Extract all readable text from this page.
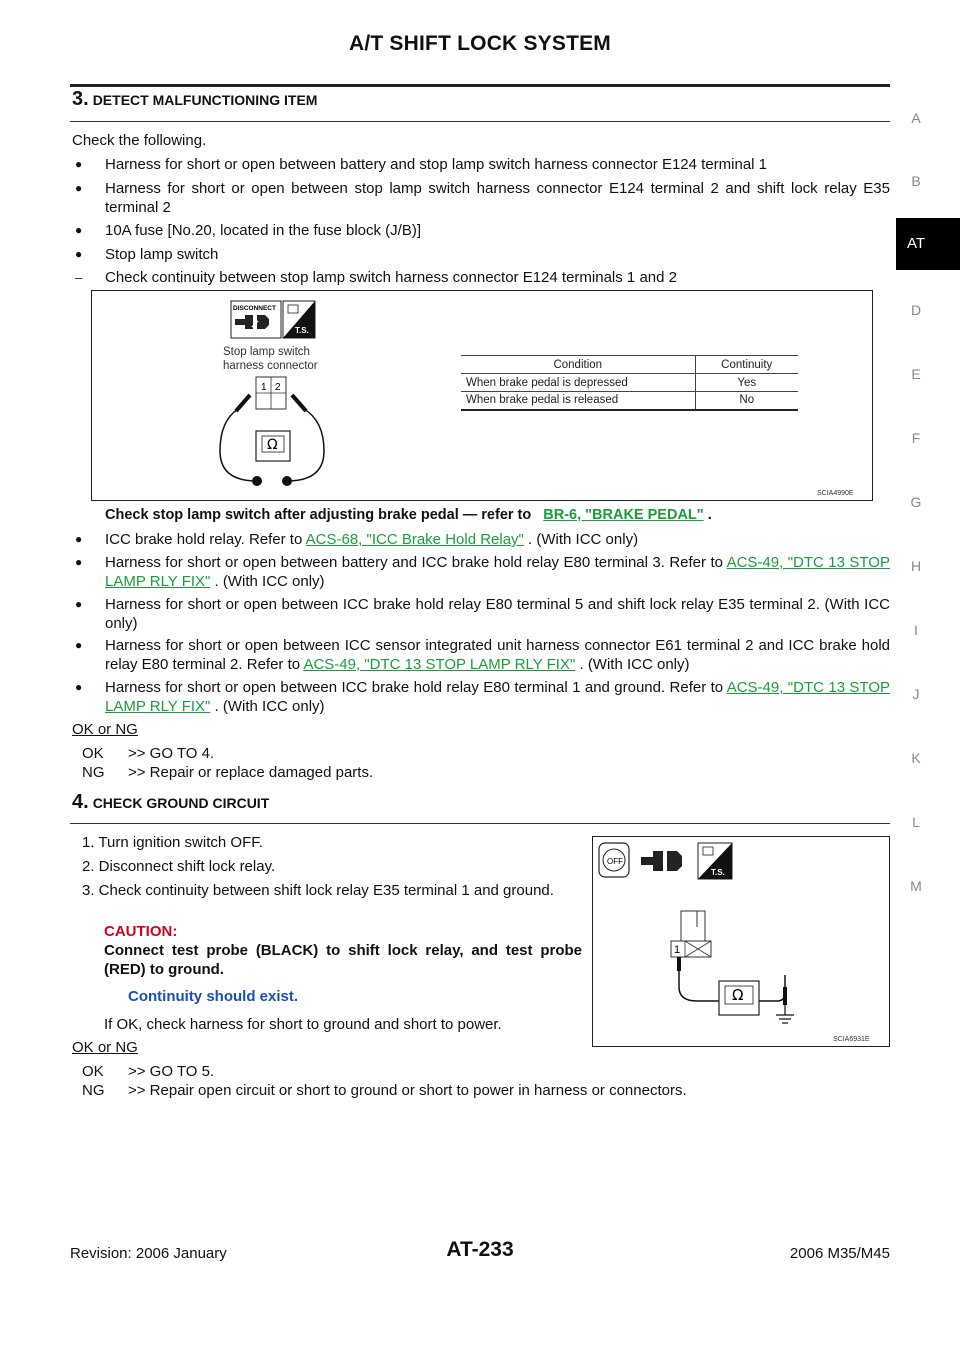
A/T SHIFT LOCK SYSTEM
A
B
AT
D
E
F
G
H
I
J
K
L
M
3. DETECT MALFUNCTIONING ITEM
Check the following.
●	Harness for short or open between battery and stop lamp switch harness connector E124 terminal 1
●	Harness for short or open between stop lamp switch harness connector E124 terminal 2 and shift lock relay E35 terminal 2
●	10A fuse [No.20, located in the fuse block (J/B)]
●	Stop lamp switch
–	Check continuity between stop lamp switch harness connector E124 terminals 1 and 2
DISCONNECT
T.S.
Stop lamp switch
harness connector
1 2
Ω
SCIA4990E
Condition	Continuity
When brake pedal is depressed	Yes
When brake pedal is released	No
Check stop lamp switch after adjusting brake pedal — refer to BR-6, "BRAKE PEDAL" .
●	ICC brake hold relay. Refer to ACS-68, "ICC Brake Hold Relay" . (With ICC only)
●	Harness for short or open between battery and ICC brake hold relay E80 terminal 3. Refer to ACS-49, "DTC 13 STOP LAMP RLY FIX" . (With ICC only)
●	Harness for short or open between ICC brake hold relay E80 terminal 5 and shift lock relay E35 terminal 2. (With ICC only)
●	Harness for short or open between ICC sensor integrated unit harness connector E61 terminal 2 and ICC brake hold relay E80 terminal 2. Refer to ACS-49, "DTC 13 STOP LAMP RLY FIX" . (With ICC only)
●	Harness for short or open between ICC brake hold relay E80 terminal 1 and ground. Refer to ACS-49, "DTC 13 STOP LAMP RLY FIX" . (With ICC only)
OK or NG
OK >> GO TO 4.
NG >> Repair or replace damaged parts.
4. CHECK GROUND CIRCUIT
1. Turn ignition switch OFF.
2. Disconnect shift lock relay.
3. Check continuity between shift lock relay E35 terminal 1 and ground.
CAUTION:
Connect test probe (BLACK) to shift lock relay, and test probe (RED) to ground.
Continuity should exist.
If OK, check harness for short to ground and short to power.
OFF
T.S.
1
Ω
SCIA6931E
OK or NG
OK >> GO TO 5.
NG >> Repair open circuit or short to ground or short to power in harness or connectors.
Revision: 2006 January	AT-233	2006 M35/M45
